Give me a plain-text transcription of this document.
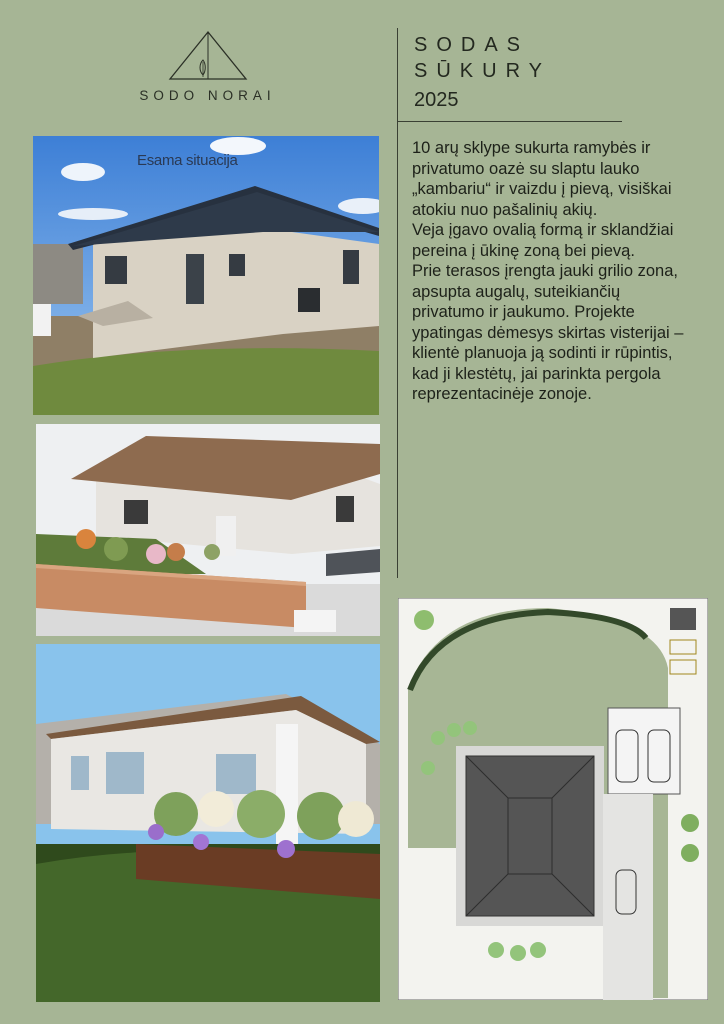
SODO NORAI
SODAS
SŪKURY
2025

10 arų sklype sukurta ramybės ir privatumo oazė su slaptu lauko „kambariu“ ir vaizdu į pievą, visiškai atokiu nuo pašalinių akių.

Veja įgavo ovalią formą ir sklandžiai pereina į ūkinę zoną bei pievą.

Prie terasos įrengta jauki grilio zona, apsupta augalų, suteikiančių privatumo ir jaukumo. Projekte ypatingas dėmesys skirtas visterijai – klientė planuoja ją sodinti ir rūpintis, kad ji klestėtų, jai parinkta pergola reprezentacinėje zonoje.

Esama situacija
